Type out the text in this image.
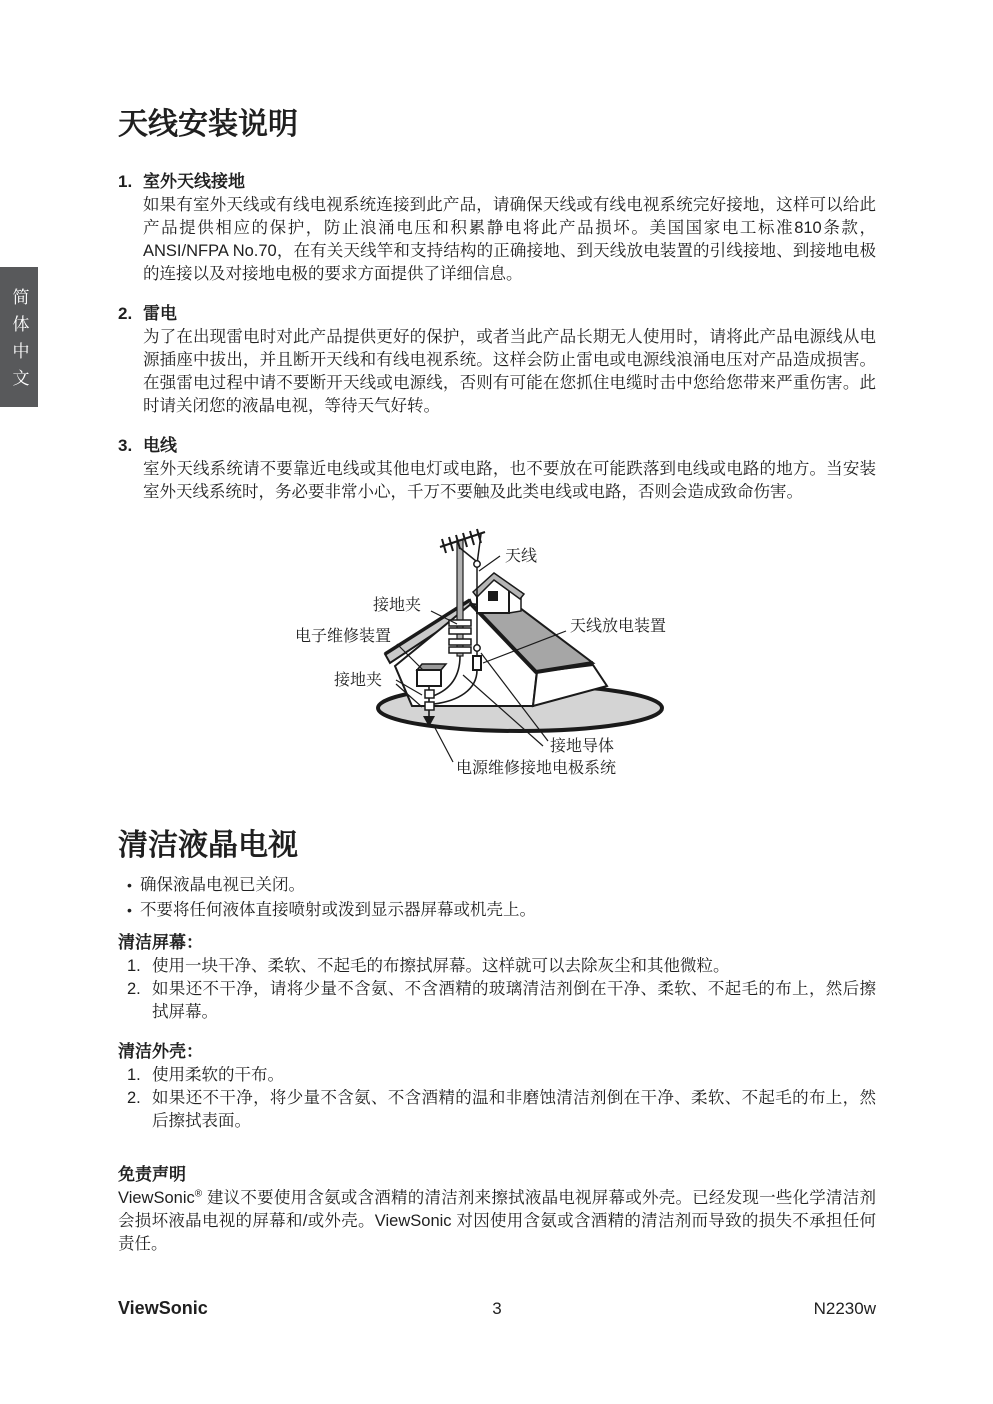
简体中文
天线安装说明
1. 室外天线接地

如果有室外天线或有线电视系统连接到此产品，请确保天线或有线电视系统完好接地，这样可以给此产品提供相应的保护，防止浪涌电压和积累静电将此产品损坏。美国国家电工标准810条款，ANSI/NFPA No.70，在有关天线竿和支持结构的正确接地、到天线放电装置的引线接地、到接地电极的连接以及对接地电极的要求方面提供了详细信息。

2. 雷电

为了在出现雷电时对此产品提供更好的保护，或者当此产品长期无人使用时，请将此产品电源线从电源插座中拔出，并且断开天线和有线电视系统。这样会防止雷电或电源线浪涌电压对产品造成损害。在强雷电过程中请不要断开天线或电源线，否则有可能在您抓住电缆时击中您给您带来严重伤害。此时请关闭您的液晶电视，等待天气好转。

3. 电线

室外天线系统请不要靠近电线或其他电灯或电路，也不要放在可能跌落到电线或电路的地方。当安装室外天线系统时，务必要非常小心，千万不要触及此类电线或电路，否则会造成致命伤害。

天线
接地夹
电子维修装置
接地夹
天线放电装置
接地导体
电源维修接地电极系统
清洁液晶电视
• 确保液晶电视已关闭。
• 不要将任何液体直接喷射或泼到显示器屏幕或机壳上。
清洁屏幕：
1. 使用一块干净、柔软、不起毛的布擦拭屏幕。这样就可以去除灰尘和其他微粒。
2. 如果还不干净，请将少量不含氨、不含酒精的玻璃清洁剂倒在干净、柔软、不起毛的布上，然后擦拭屏幕。
清洁外壳：
1. 使用柔软的干布。
2. 如果还不干净，将少量不含氨、不含酒精的温和非磨蚀清洁剂倒在干净、柔软、不起毛的布上，然后擦拭表面。
免责声明

ViewSonic® 建议不要使用含氨或含酒精的清洁剂来擦拭液晶电视屏幕或外壳。已经发现一些化学清洁剂会损坏液晶电视的屏幕和/或外壳。ViewSonic 对因使用含氨或含酒精的清洁剂而导致的损失不承担任何责任。

ViewSonic	3	N2230w
